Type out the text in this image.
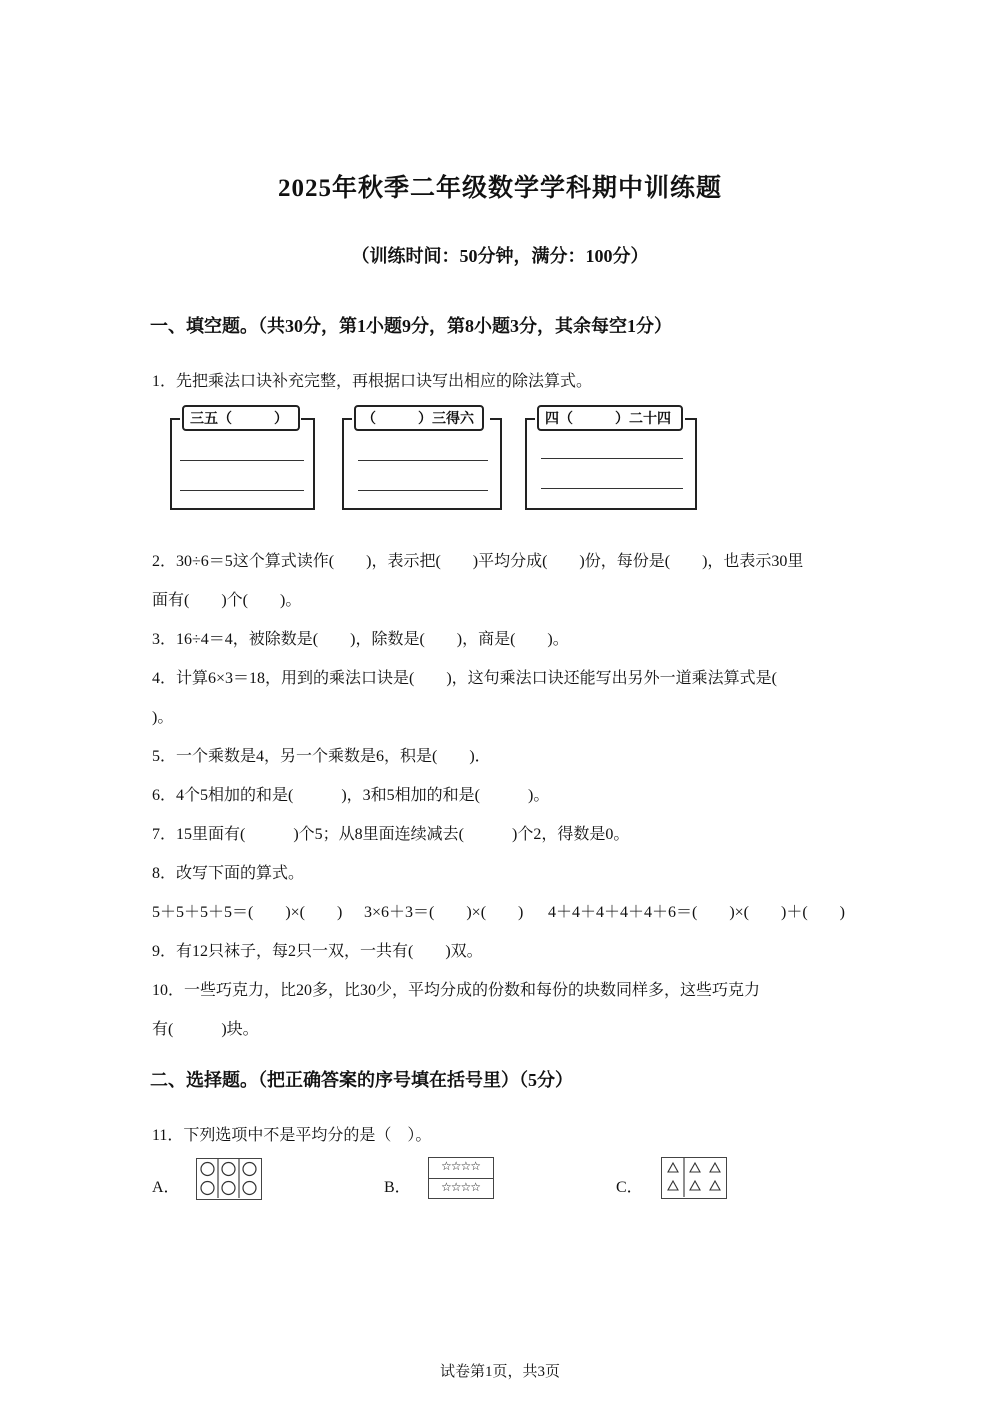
2025年秋季二年级数学学科期中训练题
（训练时间：50分钟，满分：100分）
一、填空题。（共30分，第1小题9分，第8小题3分，其余每空1分）
1．先把乘法口诀补充完整，再根据口诀写出相应的除法算式。
三五（　　　）	（　　　）三得六	四（　　　）二十四
2．30÷6＝5这个算式读作(　　)，表示把(　　)平均分成(　　)份，每份是(　　)，也表示30里
面有(　　)个(　　)。
3．16÷4＝4，被除数是(　　)，除数是(　　)，商是(　　)。
4．计算6×3＝18，用到的乘法口诀是(　　)，这句乘法口诀还能写出另外一道乘法算式是(
)。
5．一个乘数是4，另一个乘数是6，积是(　　)．
6．4个5相加的和是(　　　)，3和5相加的和是(　　　)。
7．15里面有(　　　)个5；从8里面连续减去(　　　)个2，得数是0。
8．改写下面的算式。
5＋5＋5＋5＝(　　)×(　　) 3×6＋3＝(　　)×(　　) 4＋4＋4＋4＋4＋6＝(　　)×(　　)＋(　　)
9．有12只袜子，每2只一双，一共有(　　)双。
10．一些巧克力，比20多，比30少，平均分成的份数和每份的块数同样多，这些巧克力
有(　　　)块。
二、选择题。（把正确答案的序号填在括号里）（5分）
11．下列选项中不是平均分的是（　）。
A．	B．
☆☆☆☆
☆☆☆☆	C．
试卷第1页，共3页
